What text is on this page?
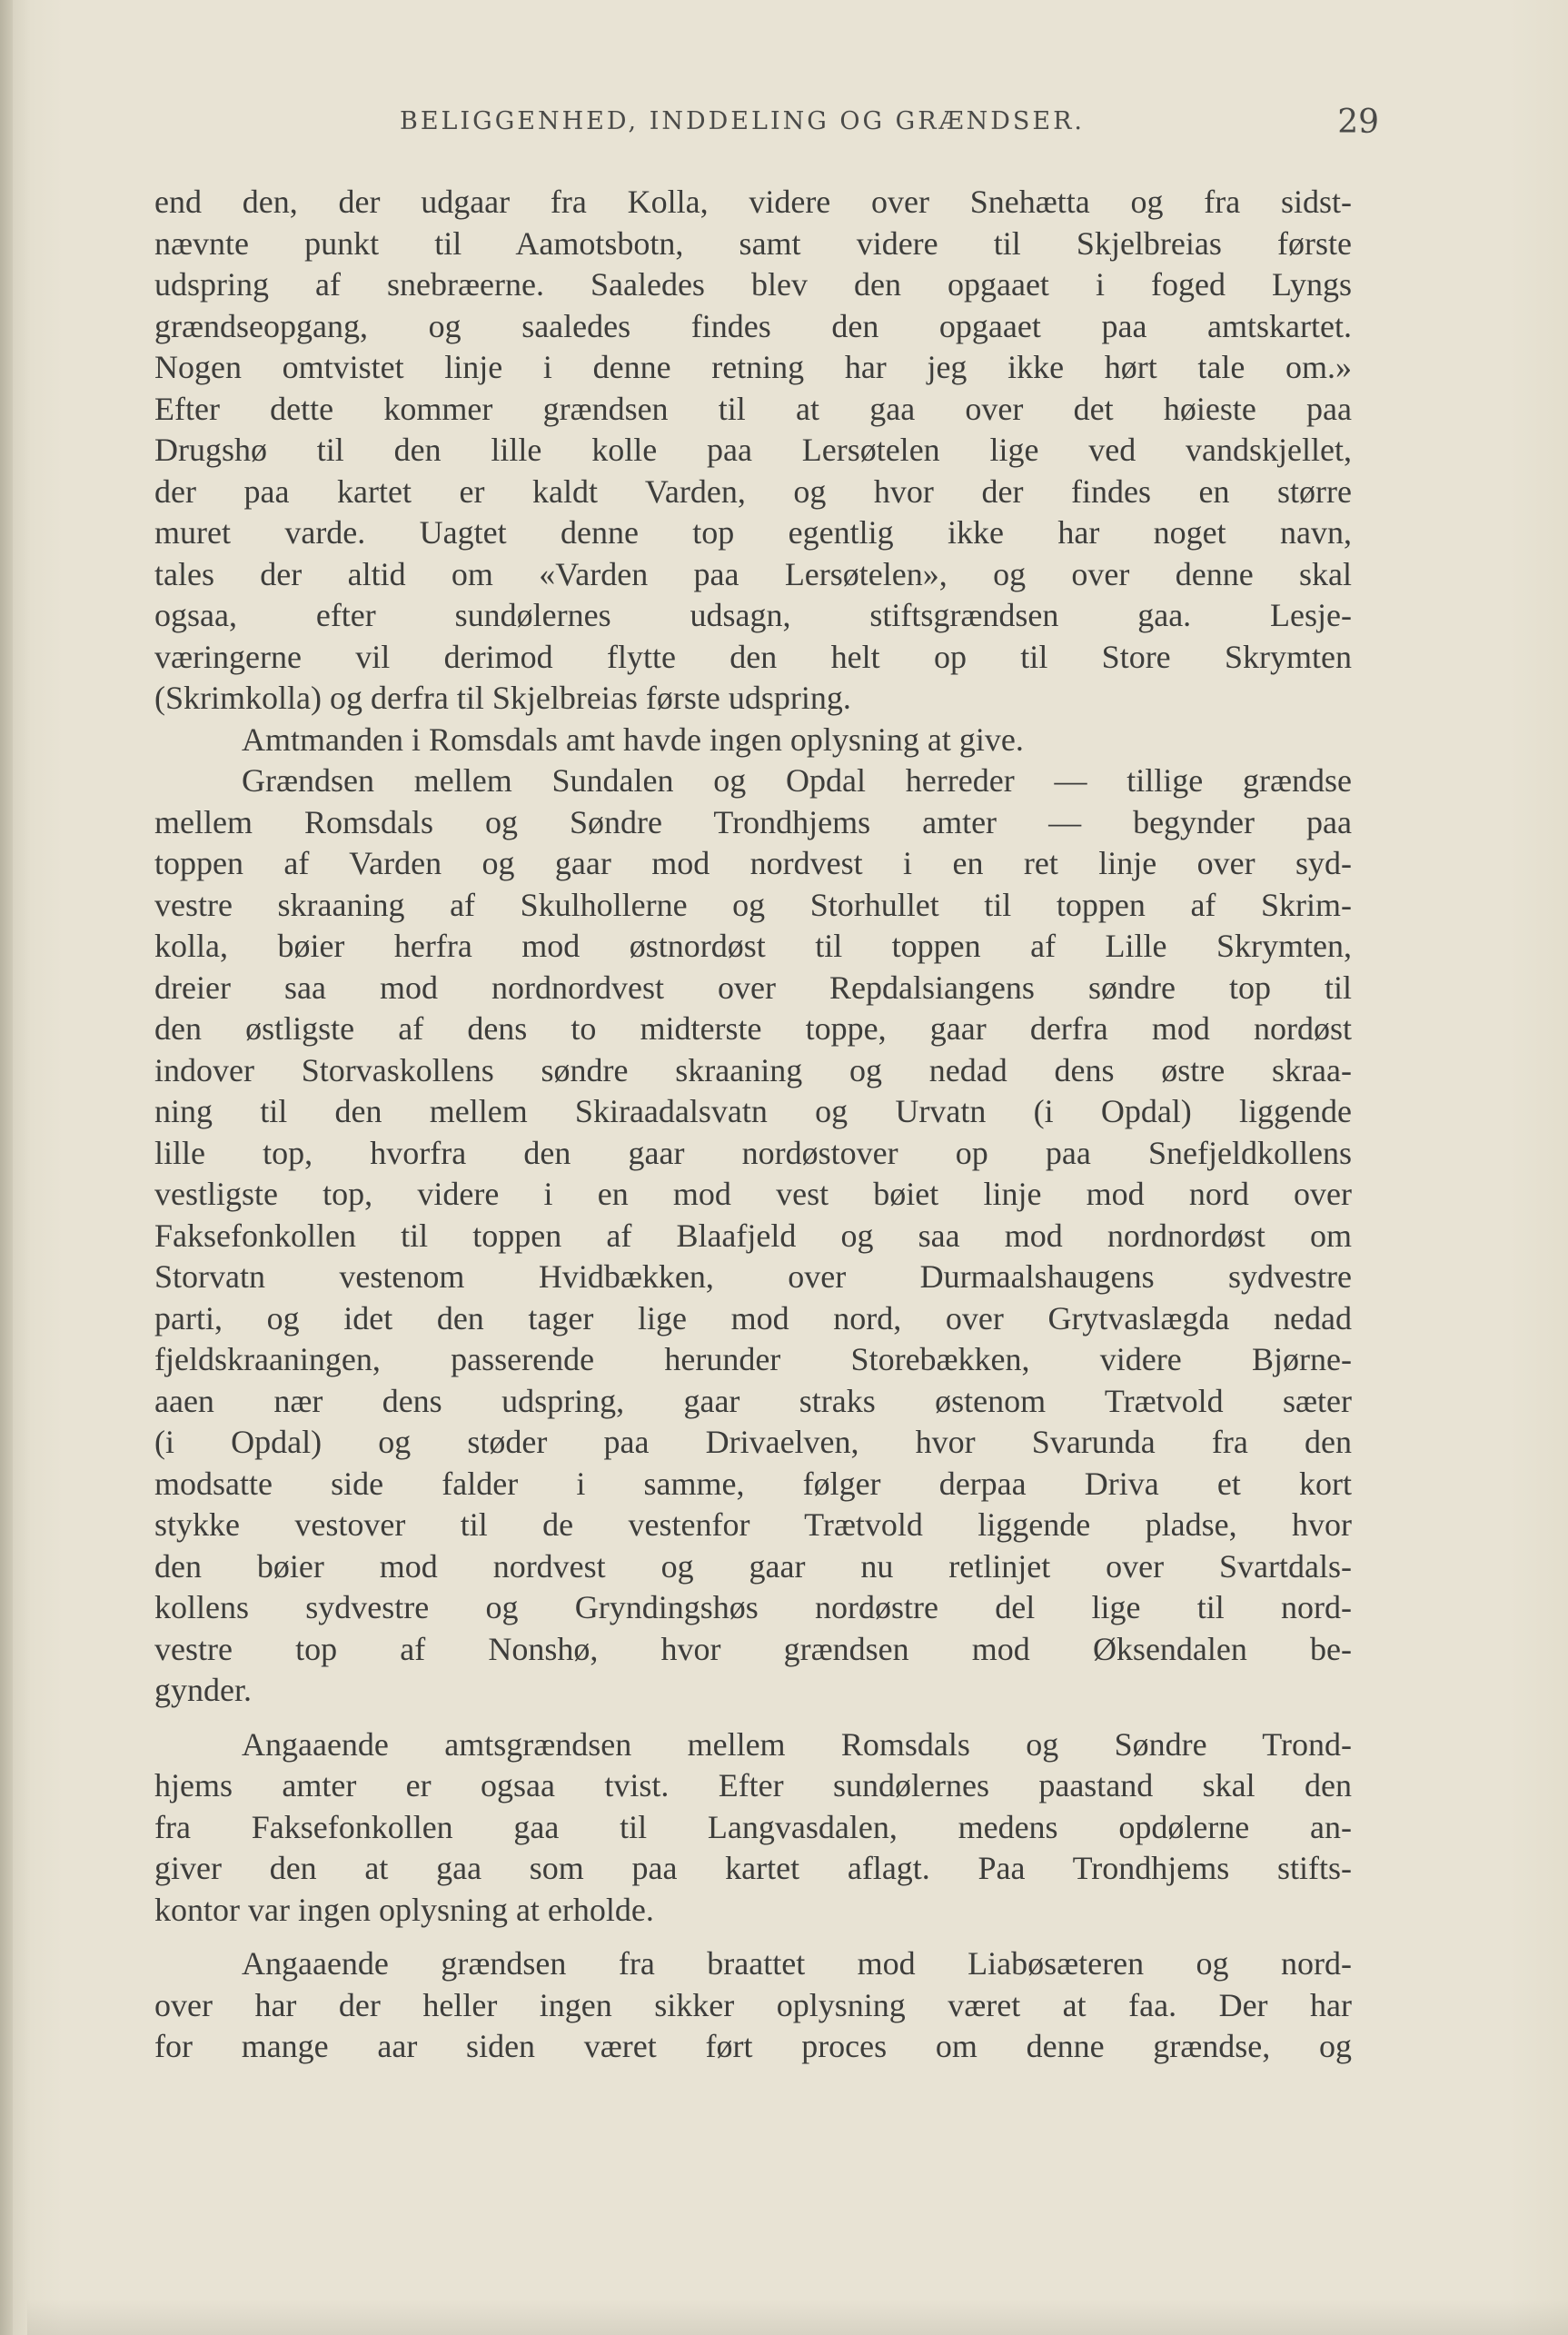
BELIGGENHED, INDDELING OG GRÆNDSER.	29
end den, der udgaar fra Kolla, videre over Snehætta og fra sidst-
nævnte punkt til Aamotsbotn, samt videre til Skjelbreias første
udspring af snebræerne. Saaledes blev den opgaaet i foged Lyngs
grændseopgang, og saaledes findes den opgaaet paa amtskartet.
Nogen omtvistet linje i denne retning har jeg ikke hørt tale om.»
Efter dette kommer grændsen til at gaa over det høieste paa
Drugshø til den lille kolle paa Lersøtelen lige ved vandskjellet,
der paa kartet er kaldt Varden, og hvor der findes en større
muret varde. Uagtet denne top egentlig ikke har noget navn,
tales der altid om «Varden paa Lersøtelen», og over denne skal
ogsaa, efter sundølernes udsagn, stiftsgrændsen gaa. Lesje-
væringerne vil derimod flytte den helt op til Store Skrymten
(Skrimkolla) og derfra til Skjelbreias første udspring.
Amtmanden i Romsdals amt havde ingen oplysning at give.
Grændsen mellem Sundalen og Opdal herreder — tillige grændse
mellem Romsdals og Søndre Trondhjems amter — begynder paa
toppen af Varden og gaar mod nordvest i en ret linje over syd-
vestre skraaning af Skulhollerne og Storhullet til toppen af Skrim-
kolla, bøier herfra mod østnordøst til toppen af Lille Skrymten,
dreier saa mod nordnordvest over Repdalsiangens søndre top til
den østligste af dens to midterste toppe, gaar derfra mod nordøst
indover Storvaskollens søndre skraaning og nedad dens østre skraa-
ning til den mellem Skiraadalsvatn og Urvatn (i Opdal) liggende
lille top, hvorfra den gaar nordøstover op paa Snefjeldkollens
vestligste top, videre i en mod vest bøiet linje mod nord over
Faksefonkollen til toppen af Blaafjeld og saa mod nordnordøst om
Storvatn vestenom Hvidbækken, over Durmaalshaugens sydvestre
parti, og idet den tager lige mod nord, over Grytvaslægda nedad
fjeldskraaningen, passerende herunder Storebækken, videre Bjørne-
aaen nær dens udspring, gaar straks østenom Trætvold sæter
(i Opdal) og støder paa Drivaelven, hvor Svarunda fra den
modsatte side falder i samme, følger derpaa Driva et kort
stykke vestover til de vestenfor Trætvold liggende pladse, hvor
den bøier mod nordvest og gaar nu retlinjet over Svartdals-
kollens sydvestre og Gryndingshøs nordøstre del lige til nord-
vestre top af Nonshø, hvor grændsen mod Øksendalen be-
gynder.
Angaaende amtsgrændsen mellem Romsdals og Søndre Trond-
hjems amter er ogsaa tvist. Efter sundølernes paastand skal den
fra Faksefonkollen gaa til Langvasdalen, medens opdølerne an-
giver den at gaa som paa kartet aflagt. Paa Trondhjems stifts-
kontor var ingen oplysning at erholde.
Angaaende grændsen fra braattet mod Liabøsæteren og nord-
over har der heller ingen sikker oplysning været at faa. Der har
for mange aar siden været ført proces om denne grændse, og
